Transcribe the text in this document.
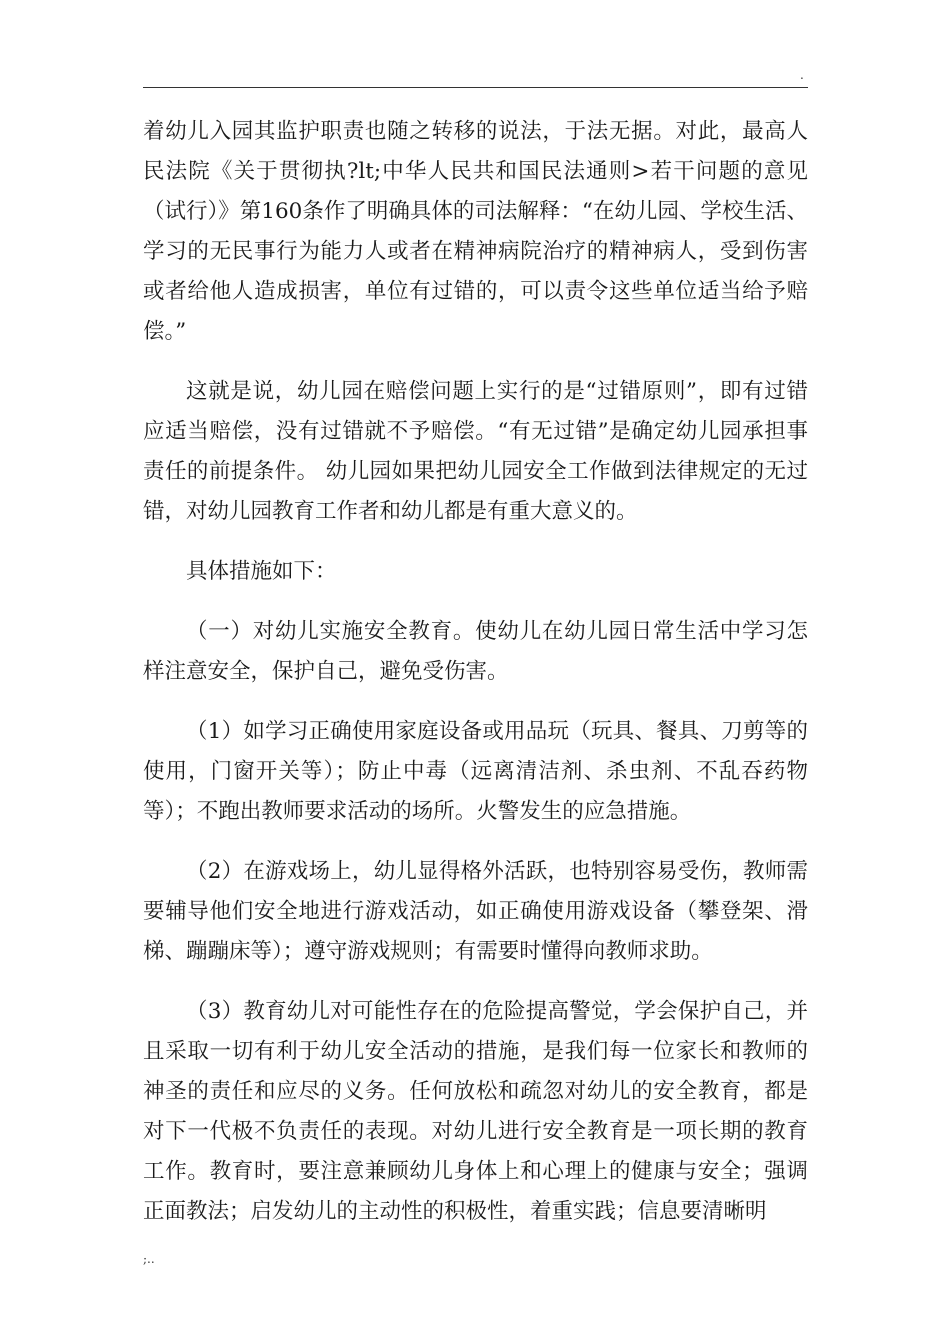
.

着幼儿入园其监护职责也随之转移的说法，于法无据。对此，最高人民法院《关于贯彻执?lt;中华人民共和国民法通则>若干问题的意见（试行）》第160条作了明确具体的司法解释：“在幼儿园、学校生活、学习的无民事行为能力人或者在精神病院治疗的精神病人，受到伤害或者给他人造成损害，单位有过错的，可以责令这些单位适当给予赔偿。”

这就是说，幼儿园在赔偿问题上实行的是“过错原则”，即有过错应适当赔偿，没有过错就不予赔偿。“有无过错”是确定幼儿园承担事责任的前提条件。 幼儿园如果把幼儿园安全工作做到法律规定的无过错，对幼儿园教育工作者和幼儿都是有重大意义的。

具体措施如下：

（一）对幼儿实施安全教育。使幼儿在幼儿园日常生活中学习怎样注意安全，保护自己，避免受伤害。

（1）如学习正确使用家庭设备或用品玩（玩具、餐具、刀剪等的使用，门窗开关等）；防止中毒（远离清洁剂、杀虫剂、不乱吞药物等）；不跑出教师要求活动的场所。火警发生的应急措施。

（2）在游戏场上，幼儿显得格外活跃，也特别容易受伤，教师需要辅导他们安全地进行游戏活动，如正确使用游戏设备（攀登架、滑梯、蹦蹦床等）；遵守游戏规则；有需要时懂得向教师求助。

（3）教育幼儿对可能性存在的危险提高警觉，学会保护自己，并且采取一切有利于幼儿安全活动的措施，是我们每一位家长和教师的神圣的责任和应尽的义务。任何放松和疏忽对幼儿的安全教育，都是对下一代极不负责任的表现。对幼儿进行安全教育是一项长期的教育工作。教育时，要注意兼顾幼儿身体上和心理上的健康与安全；强调正面教法；启发幼儿的主动性的积极性，着重实践；信息要清晰明

;..
